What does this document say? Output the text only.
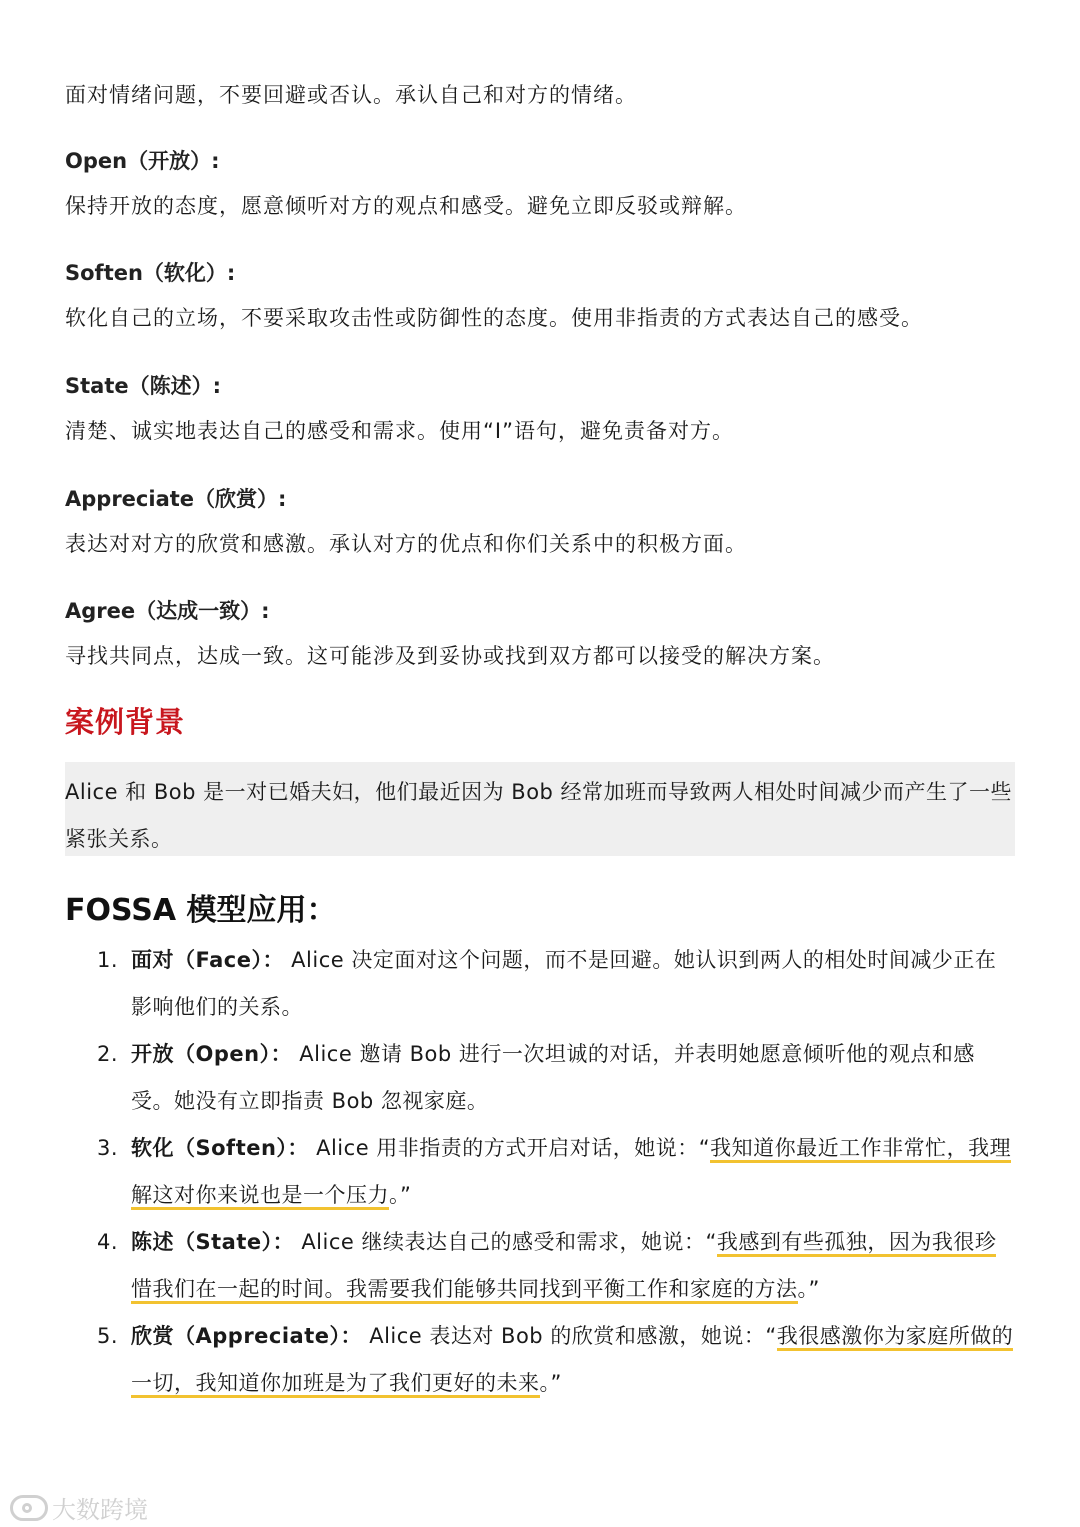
面对情绪问题，不要回避或否认。承认自己和对方的情绪。

Open（开放）:

保持开放的态度，愿意倾听对方的观点和感受。避免立即反驳或辩解。

Soften（软化）:

软化自己的立场，不要采取攻击性或防御性的态度。使用非指责的方式表达自己的感受。

State（陈述）:

清楚、诚实地表达自己的感受和需求。使用“I”语句，避免责备对方。

Appreciate（欣赏）:

表达对对方的欣赏和感激。承认对方的优点和你们关系中的积极方面。

Agree（达成一致）:

寻找共同点，达成一致。这可能涉及到妥协或找到双方都可以接受的解决方案。

案例背景

Alice 和 Bob 是一对已婚夫妇，他们最近因为 Bob 经常加班而导致两人相处时间减少而产生了一些紧张关系。

FOSSA 模型应用：
1. 面对（Face）： Alice 决定面对这个问题，而不是回避。她认识到两人的相处时间减少正在影响他们的关系。
2. 开放（Open）： Alice 邀请 Bob 进行一次坦诚的对话，并表明她愿意倾听他的观点和感受。她没有立即指责 Bob 忽视家庭。
3. 软化（Soften）： Alice 用非指责的方式开启对话，她说：“我知道你最近工作非常忙，我理解这对你来说也是一个压力。”
4. 陈述（State）： Alice 继续表达自己的感受和需求，她说：“我感到有些孤独，因为我很珍惜我们在一起的时间。我需要我们能够共同找到平衡工作和家庭的方法。”
5. 欣赏（Appreciate）： Alice 表达对 Bob 的欣赏和感激，她说：“我很感激你为家庭所做的一切，我知道你加班是为了我们更好的未来。”
大数跨境
